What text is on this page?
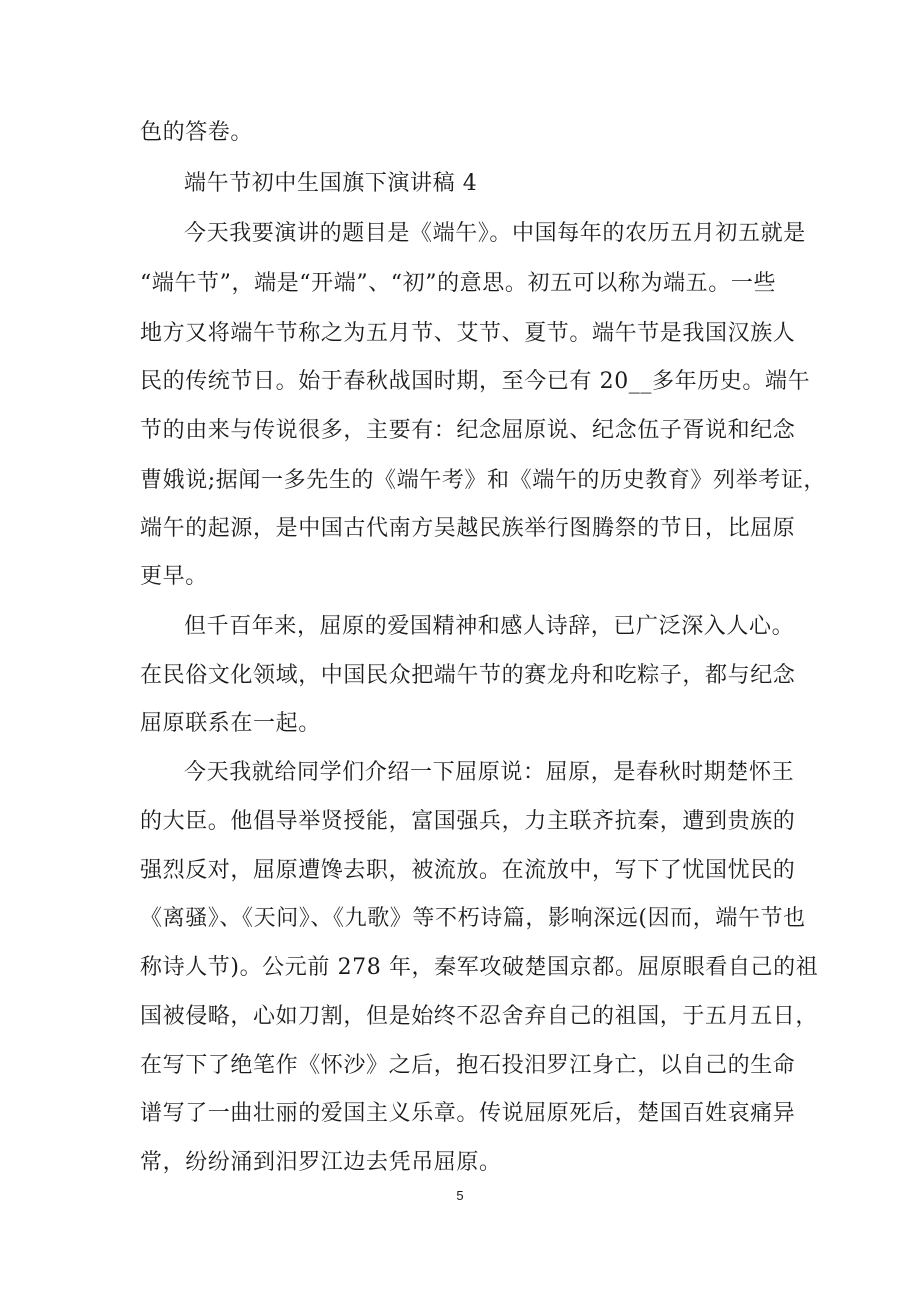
色的答卷。
端午节初中生国旗下演讲稿 4
今天我要演讲的题目是《端午》。中国每年的农历五月初五就是
“端午节”，端是“开端”、“初”的意思。初五可以称为端五。一些
地方又将端午节称之为五月节、艾节、夏节。端午节是我国汉族人
民的传统节日。始于春秋战国时期，至今已有 20__多年历史。端午
节的由来与传说很多，主要有：纪念屈原说、纪念伍子胥说和纪念
曹娥说;据闻一多先生的《端午考》和《端午的历史教育》列举考证，
端午的起源，是中国古代南方吴越民族举行图腾祭的节日，比屈原
更早。
但千百年来，屈原的爱国精神和感人诗辞，已广泛深入人心。
在民俗文化领域，中国民众把端午节的赛龙舟和吃粽子，都与纪念
屈原联系在一起。
今天我就给同学们介绍一下屈原说：屈原，是春秋时期楚怀王
的大臣。他倡导举贤授能，富国强兵，力主联齐抗秦，遭到贵族的
强烈反对，屈原遭馋去职，被流放。在流放中，写下了忧国忧民的
《离骚》、《天问》、《九歌》等不朽诗篇，影响深远(因而，端午节也
称诗人节)。公元前 278 年，秦军攻破楚国京都。屈原眼看自己的祖
国被侵略，心如刀割，但是始终不忍舍弃自己的祖国，于五月五日，
在写下了绝笔作《怀沙》之后，抱石投汨罗江身亡，以自己的生命
谱写了一曲壮丽的爱国主义乐章。传说屈原死后，楚国百姓哀痛异
常，纷纷涌到汨罗江边去凭吊屈原。
5
